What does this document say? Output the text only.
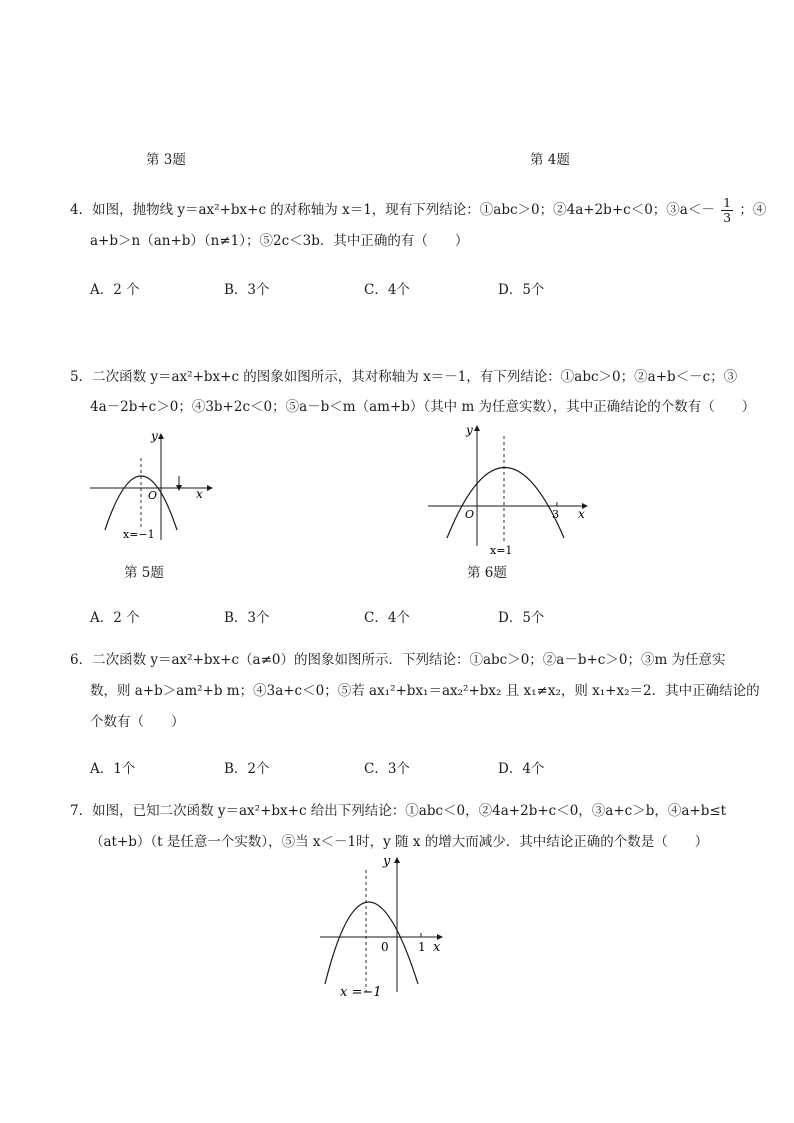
第 3题	第 4题
4．如图，抛物线 y＝ax²+bx+c 的对称轴为 x＝1，现有下列结论：①abc＞0；②4a+2b+c＜0；③a＜－ $\frac{1}{3}$ ；④
a+b＞n（an+b）（n≠1）；⑤2c＜3b．其中正确的有（　　）
A．2 个	B．3个	C．4个	D．5个
5．二次函数 y＝ax²+bx+c 的图象如图所示，其对称轴为 x＝－1，有下列结论：①abc＞0；②a+b＜－c；③
4a－2b+c＞0；④3b+2c＜0；⑤a－b＜m（am+b）（其中 m 为任意实数），其中正确结论的个数有（　　）
y
x
O
x=−1
y
x
O	3
x=1
第 5题	第 6题
A．2 个	B．3个	C．4个	D．5个
6．二次函数 y＝ax²+bx+c（a≠0）的图象如图所示．下列结论：①abc＞0；②a－b+c＞0；③m 为任意实
数，则 a+b＞am²+b m；④3a+c＜0；⑤若 ax₁²+bx₁＝ax₂²+bx₂ 且 x₁≠x₂，则 x₁+x₂＝2．其中正确结论的
个数有（　　）
A．1个	B．2个	C．3个	D．4个
7．如图，已知二次函数 y＝ax²+bx+c 给出下列结论：①abc＜0，②4a+2b+c＜0，③a+c＞b，④a+b≤t
（at+b）（t 是任意一个实数），⑤当 x＜－1时，y 随 x 的增大而减少．其中结论正确的个数是（　　）
y
x
0 1
x =−1
